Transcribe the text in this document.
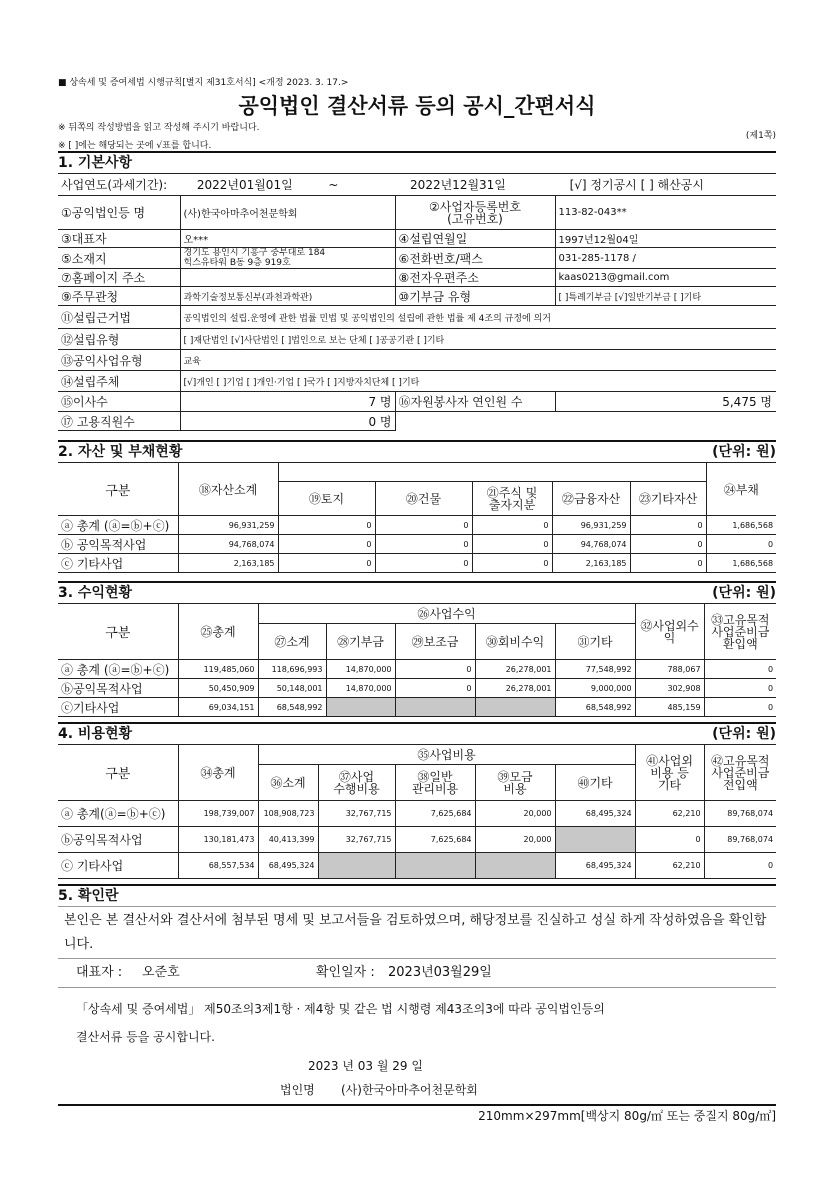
■ 상속세 및 증여세법 시행규칙[별지 제31호서식] <개정 2023. 3. 17.>
공익법인 결산서류 등의 공시_간편서식
※ 뒤쪽의 작성방법을 읽고 작성해 주시기 바랍니다.
※ [ ]에는 해당되는 곳에 √표를 합니다.
(제1쪽)
1. 기본사항
사업연도(과세기간): 2022년01월01일 ~ 2022년12월31일 [√] 정기공시 [ ] 해산공시			
①공익법인등 명	(사)한국아마추어천문학회	②사업자등록번호
(고유번호)	113-82-043**
③대표자	오***	④설립연월일	1997년12월04일
⑤소재지	경기도 용인시 기흥구 중부대로 184
힉스유타워 B동 9층 919호	⑥전화번호/팩스	031-285-1178 /
⑦홈페이지 주소		⑧전자우편주소	kaas0213@gmail.com
⑨주무관청	과학기술정보통신부(과천과학관)	⑩기부금 유형	[ ]특례기부금 [√]일반기부금 [ ]기타
⑪설립근거법	공익법인의 설립.운영에 관한 법률 민법 및 공익법인의 설립에 관한 법률 제 4조의 규정에 의거		
⑫설립유형	[ ]재단법인 [√]사단법인 [ ]법인으로 보는 단체 [ ]공공기관 [ ]기타		
⑬공익사업유형	교육		
⑭설립주체	[√]개인 [ ]기업 [ ]개인·기업 [ ]국가 [ ]지방자치단체 [ ]기타		
⑮이사수	7 명	⑯자원봉사자 연인원 수	5,475 명
⑰ 고용직원수	0 명		
2. 자산 및 부채현황	(단위: 원)
구분	⑱자산소계						㉔부채
		⑲토지	⑳건물	㉑주식 및
출자지분	㉒금융자산	㉓기타자산	
ⓐ 총계 (ⓐ=ⓑ+ⓒ)	96,931,259	0	0	0	96,931,259	0	1,686,568
ⓑ 공익목적사업	94,768,074	0	0	0	94,768,074	0	0
ⓒ 기타사업	2,163,185	0	0	0	2,163,185	0	1,686,568
3. 수익현황	(단위: 원)
구분	㉕총계	㉖사업수익					㉜사업외수
익	㉝고유목적
사업준비금
환입액
		㉗소계	㉘기부금	㉙보조금	㉚회비수익	㉛기타		
ⓐ 총계 (ⓐ=ⓑ+ⓒ)	119,485,060	118,696,993	14,870,000	0	26,278,001	77,548,992	788,067	0
ⓑ공익목적사업	50,450,909	50,148,001	14,870,000	0	26,278,001	9,000,000	302,908	0
ⓒ기타사업	69,034,151	68,548,992				68,548,992	485,159	0
4. 비용현황	(단위: 원)
구분	㉞총계	㉟사업비용					㊶사업외
비용 등
기타	㊷고유목적
사업준비금
전입액
		㊱소계	㊲사업
수행비용	㊳일반
관리비용	㊴모금
비용	㊵기타		
ⓐ 총계(ⓐ=ⓑ+ⓒ)	198,739,007	108,908,723	32,767,715	7,625,684	20,000	68,495,324	62,210	89,768,074
ⓑ공익목적사업	130,181,473	40,413,399	32,767,715	7,625,684	20,000		0	89,768,074
ⓒ 기타사업	68,557,534	68,495,324				68,495,324	62,210	0
5. 확인란
본인은 본 결산서와 결산서에 첨부된 명세 및 보고서들을 검토하였으며, 해당정보를 진실하고 성실 하게 작성하였음을 확인합니다.
대표자 : 오준호	확인일자 : 2023년03월29일
「상속세 및 증여세법」 제50조의3제1항 · 제4항 및 같은 법 시행령 제43조의3에 따라 공익법인등의
결산서류 등을 공시합니다.
2023 년 03 월 29 일
법인명 (사)한국아마추어천문학회
210mm×297mm[백상지 80g/㎡ 또는 중질지 80g/㎡]
